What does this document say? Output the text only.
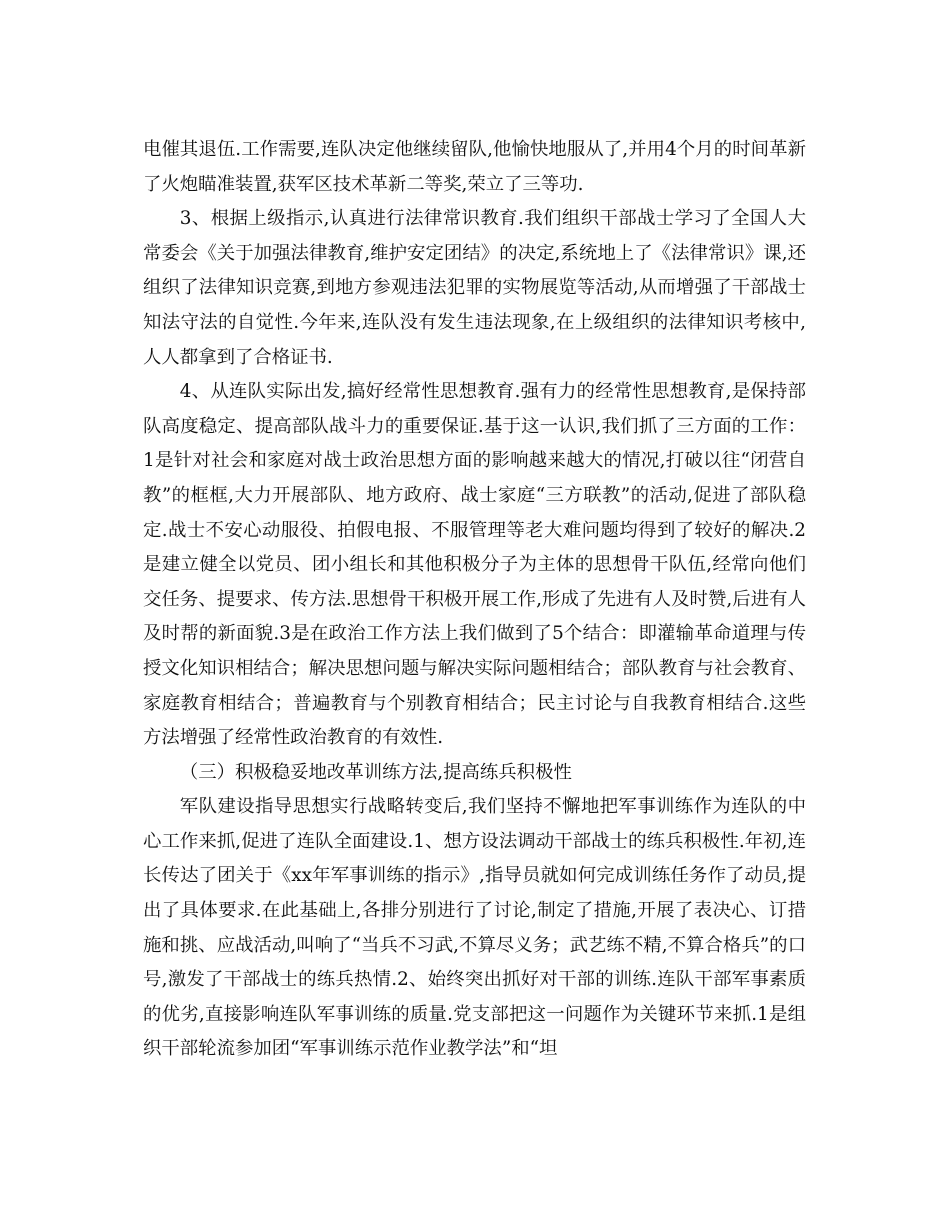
电催其退伍.工作需要,连队决定他继续留队,他愉快地服从了,并用4个月的时间革新了火炮瞄准装置,获军区技术革新二等奖,荣立了三等功.

3、根据上级指示,认真进行法律常识教育.我们组织干部战士学习了全国人大常委会《关于加强法律教育,维护安定团结》的决定,系统地上了《法律常识》课,还组织了法律知识竞赛,到地方参观违法犯罪的实物展览等活动,从而增强了干部战士知法守法的自觉性.今年来,连队没有发生违法现象,在上级组织的法律知识考核中,人人都拿到了合格证书.

4、从连队实际出发,搞好经常性思想教育.强有力的经常性思想教育,是保持部队高度稳定、提高部队战斗力的重要保证.基于这一认识,我们抓了三方面的工作：1是针对社会和家庭对战士政治思想方面的影响越来越大的情况,打破以往“闭营自教”的框框,大力开展部队、地方政府、战士家庭“三方联教”的活动,促进了部队稳定.战士不安心动服役、拍假电报、不服管理等老大难问题均得到了较好的解决.2是建立健全以党员、团小组长和其他积极分子为主体的思想骨干队伍,经常向他们交任务、提要求、传方法.思想骨干积极开展工作,形成了先进有人及时赞,后进有人及时帮的新面貌.3是在政治工作方法上我们做到了5个结合：即灌输革命道理与传授文化知识相结合；解决思想问题与解决实际问题相结合；部队教育与社会教育、家庭教育相结合；普遍教育与个别教育相结合；民主讨论与自我教育相结合.这些方法增强了经常性政治教育的有效性.

（三）积极稳妥地改革训练方法,提高练兵积极性

军队建设指导思想实行战略转变后,我们坚持不懈地把军事训练作为连队的中心工作来抓,促进了连队全面建设.1、想方设法调动干部战士的练兵积极性.年初,连长传达了团关于《xx年军事训练的指示》,指导员就如何完成训练任务作了动员,提出了具体要求.在此基础上,各排分别进行了讨论,制定了措施,开展了表决心、订措施和挑、应战活动,叫响了“当兵不习武,不算尽义务；武艺练不精,不算合格兵”的口号,激发了干部战士的练兵热情.2、始终突出抓好对干部的训练.连队干部军事素质的优劣,直接影响连队军事训练的质量.党支部把这一问题作为关键环节来抓.1是组织干部轮流参加团“军事训练示范作业教学法”和“坦
